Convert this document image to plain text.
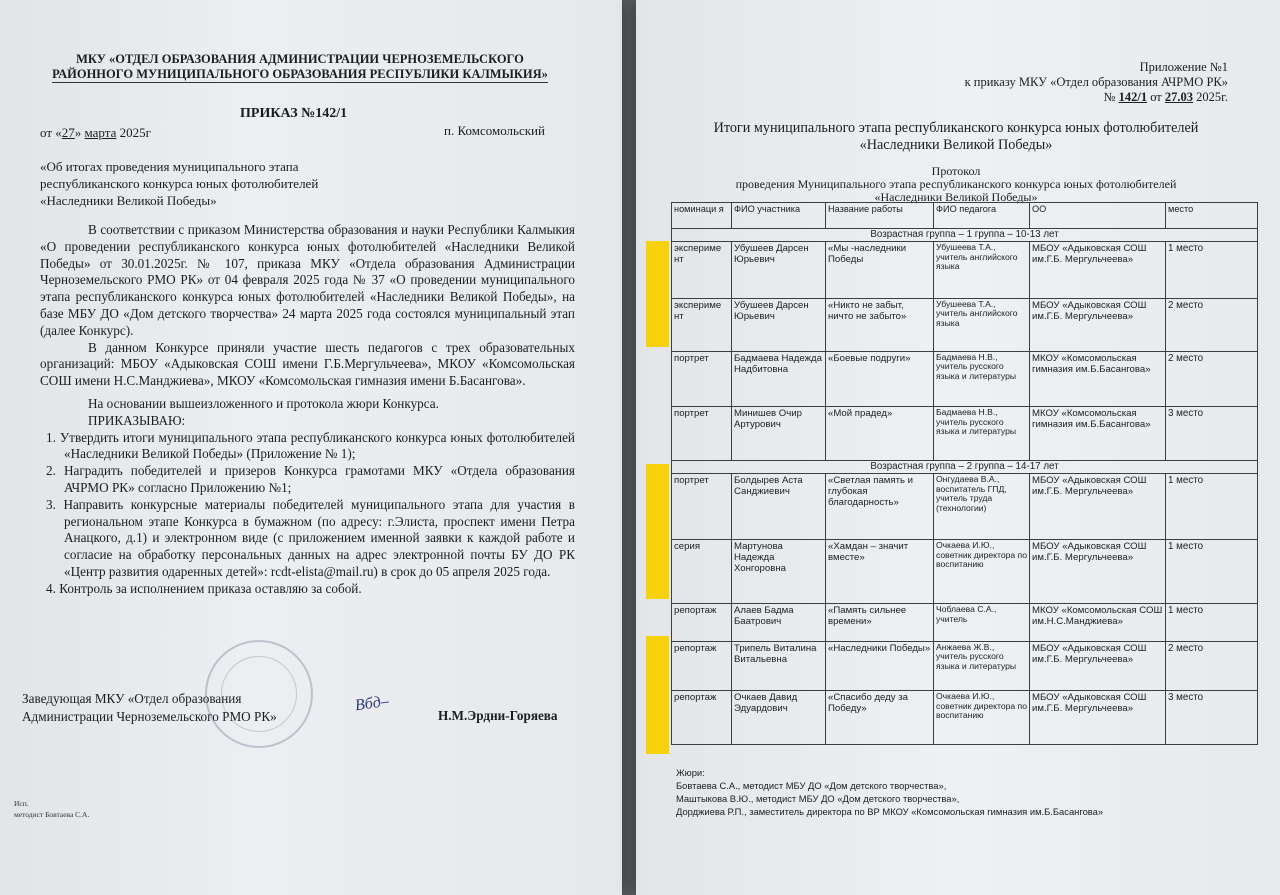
МКУ «ОТДЕЛ ОБРАЗОВАНИЯ АДМИНИСТРАЦИИ ЧЕРНОЗЕМЕЛЬСКОГО
РАЙОННОГО МУНИЦИПАЛЬНОГО ОБРАЗОВАНИЯ РЕСПУБЛИКИ КАЛМЫКИЯ»
ПРИКАЗ №142/1
от «27» марта 2025г	п. Комсомольский
«Об итогах проведения муниципального этапа
республиканского конкурса юных фотолюбителей
«Наследники Великой Победы»

В соответствии с приказом Министерства образования и науки Республики Калмыкия «О проведении республиканского конкурса юных фотолюбителей «Наследники Великой Победы» от 30.01.2025г. № 107, приказа МКУ «Отдела образования Администрации Черноземельского РМО РК» от 04 февраля 2025 года № 37 «О проведении муниципального этапа республиканского конкурса юных фотолюбителей «Наследники Великой Победы», на базе МБУ ДО «Дом детского творчества» 24 марта 2025 года состоялся муниципальный этап (далее Конкурс).

В данном Конкурсе приняли участие шесть педагогов с трех образовательных организаций: МБОУ «Адыковская СОШ имени Г.Б.Мергульчеева», МКОУ «Комсомольская СОШ имени Н.С.Манджиева», МКОУ «Комсомольская гимназия имени Б.Басангова».

На основании вышеизложенного и протокола жюри Конкурса.

ПРИКАЗЫВАЮ:

1. Утвердить итоги муниципального этапа республиканского конкурса юных фотолюбителей «Наследники Великой Победы» (Приложение № 1);

2. Наградить победителей и призеров Конкурса грамотами МКУ «Отдела образования АЧРМО РК» согласно Приложению №1;

3. Направить конкурсные материалы победителей муниципального этапа для участия в региональном этапе Конкурса в бумажном (по адресу: г.Элиста, проспект имени Петра Анацкого, д.1) и электронном виде (с приложением именной заявки к каждой работе и согласие на обработку персональных данных на адрес электронной почты БУ ДО РК «Центр развития одаренных детей»: rcdt-elista@mail.ru) в срок до 05 апреля 2025 года.

4. Контроль за исполнением приказа оставляю за собой.

Заведующая МКУ «Отдел образования
Администрации Черноземельского РМО РК»
Вбд–
Н.М.Эрдни-Горяева
Исп.
методист Бовтаева С.А.
Приложение №1
к приказу МКУ «Отдел образования АЧРМО РК»
№ 142/1 от 27.03 2025г.
Итоги муниципального этапа республиканского конкурса юных фотолюбителей
«Наследники Великой Победы»
Протокол
проведения Муниципального этапа республиканского конкурса юных фотолюбителей
«Наследники Великой Победы»
номинаци я	ФИО участника	Название работы	ФИО педагога	ОО	место
Возрастная группа – 1 группа – 10-13 лет					
экспериме нт	Убушеев Дарсен Юрьевич	«Мы -наследники Победы	Убушеева Т.А., учитель английского языка	МБОУ «Адыковская СОШ им.Г.Б. Мергульчеева»	1 место
экспериме нт	Убушеев Дарсен Юрьевич	«Никто не забыт, ничто не забыто»	Убушеева Т.А., учитель английского языка	МБОУ «Адыковская СОШ им.Г.Б. Мергульчеева»	2 место
портрет	Бадмаева Надежда Надбитовна	«Боевые подруги»	Бадмаева Н.В., учитель русского языка и литературы	МКОУ «Комсомольская гимназия им.Б.Басангова»	2 место
портрет	Минишев Очир Артурович	«Мой прадед»	Бадмаева Н.В., учитель русского языка и литературы	МКОУ «Комсомольская гимназия им.Б.Басангова»	3 место
Возрастная группа – 2 группа – 14-17 лет					
портрет	Болдырев Аста Санджиевич	«Светлая память и глубокая благодарность»	Онгудаева В.А., воспитатель ГПД, учитель труда (технологии)	МБОУ «Адыковская СОШ им.Г.Б. Мергульчеева»	1 место
серия	Мартунова Надежда Хонгоровна	«Хамдан – значит вместе»	Очкаева И.Ю., советник директора по воспитанию	МБОУ «Адыковская СОШ им.Г.Б. Мергульчеева»	1 место
репортаж	Алаев Бадма Баатрович	«Память сильнее времени»	Чоблаева С.А., учитель	МКОУ «Комсомольская СОШ им.Н.С.Манджиева»	1 место
репортаж	Трипель Виталина Витальевна	«Наследники Победы»	Анжаева Ж.В., учитель русского языка и литературы	МБОУ «Адыковская СОШ им.Г.Б. Мергульчеева»	2 место
репортаж	Очкаев Давид Эдуардович	«Спасибо деду за Победу»	Очкаева И.Ю., советник директора по воспитанию	МБОУ «Адыковская СОШ им.Г.Б. Мергульчеева»	3 место
Жюри:
Бовтаева С.А., методист МБУ ДО «Дом детского творчества»,
Маштыкова В.Ю., методист МБУ ДО «Дом детского творчества»,
Дорджиева Р.П., заместитель директора по ВР МКОУ «Комсомольская гимназия им.Б.Басангова»
